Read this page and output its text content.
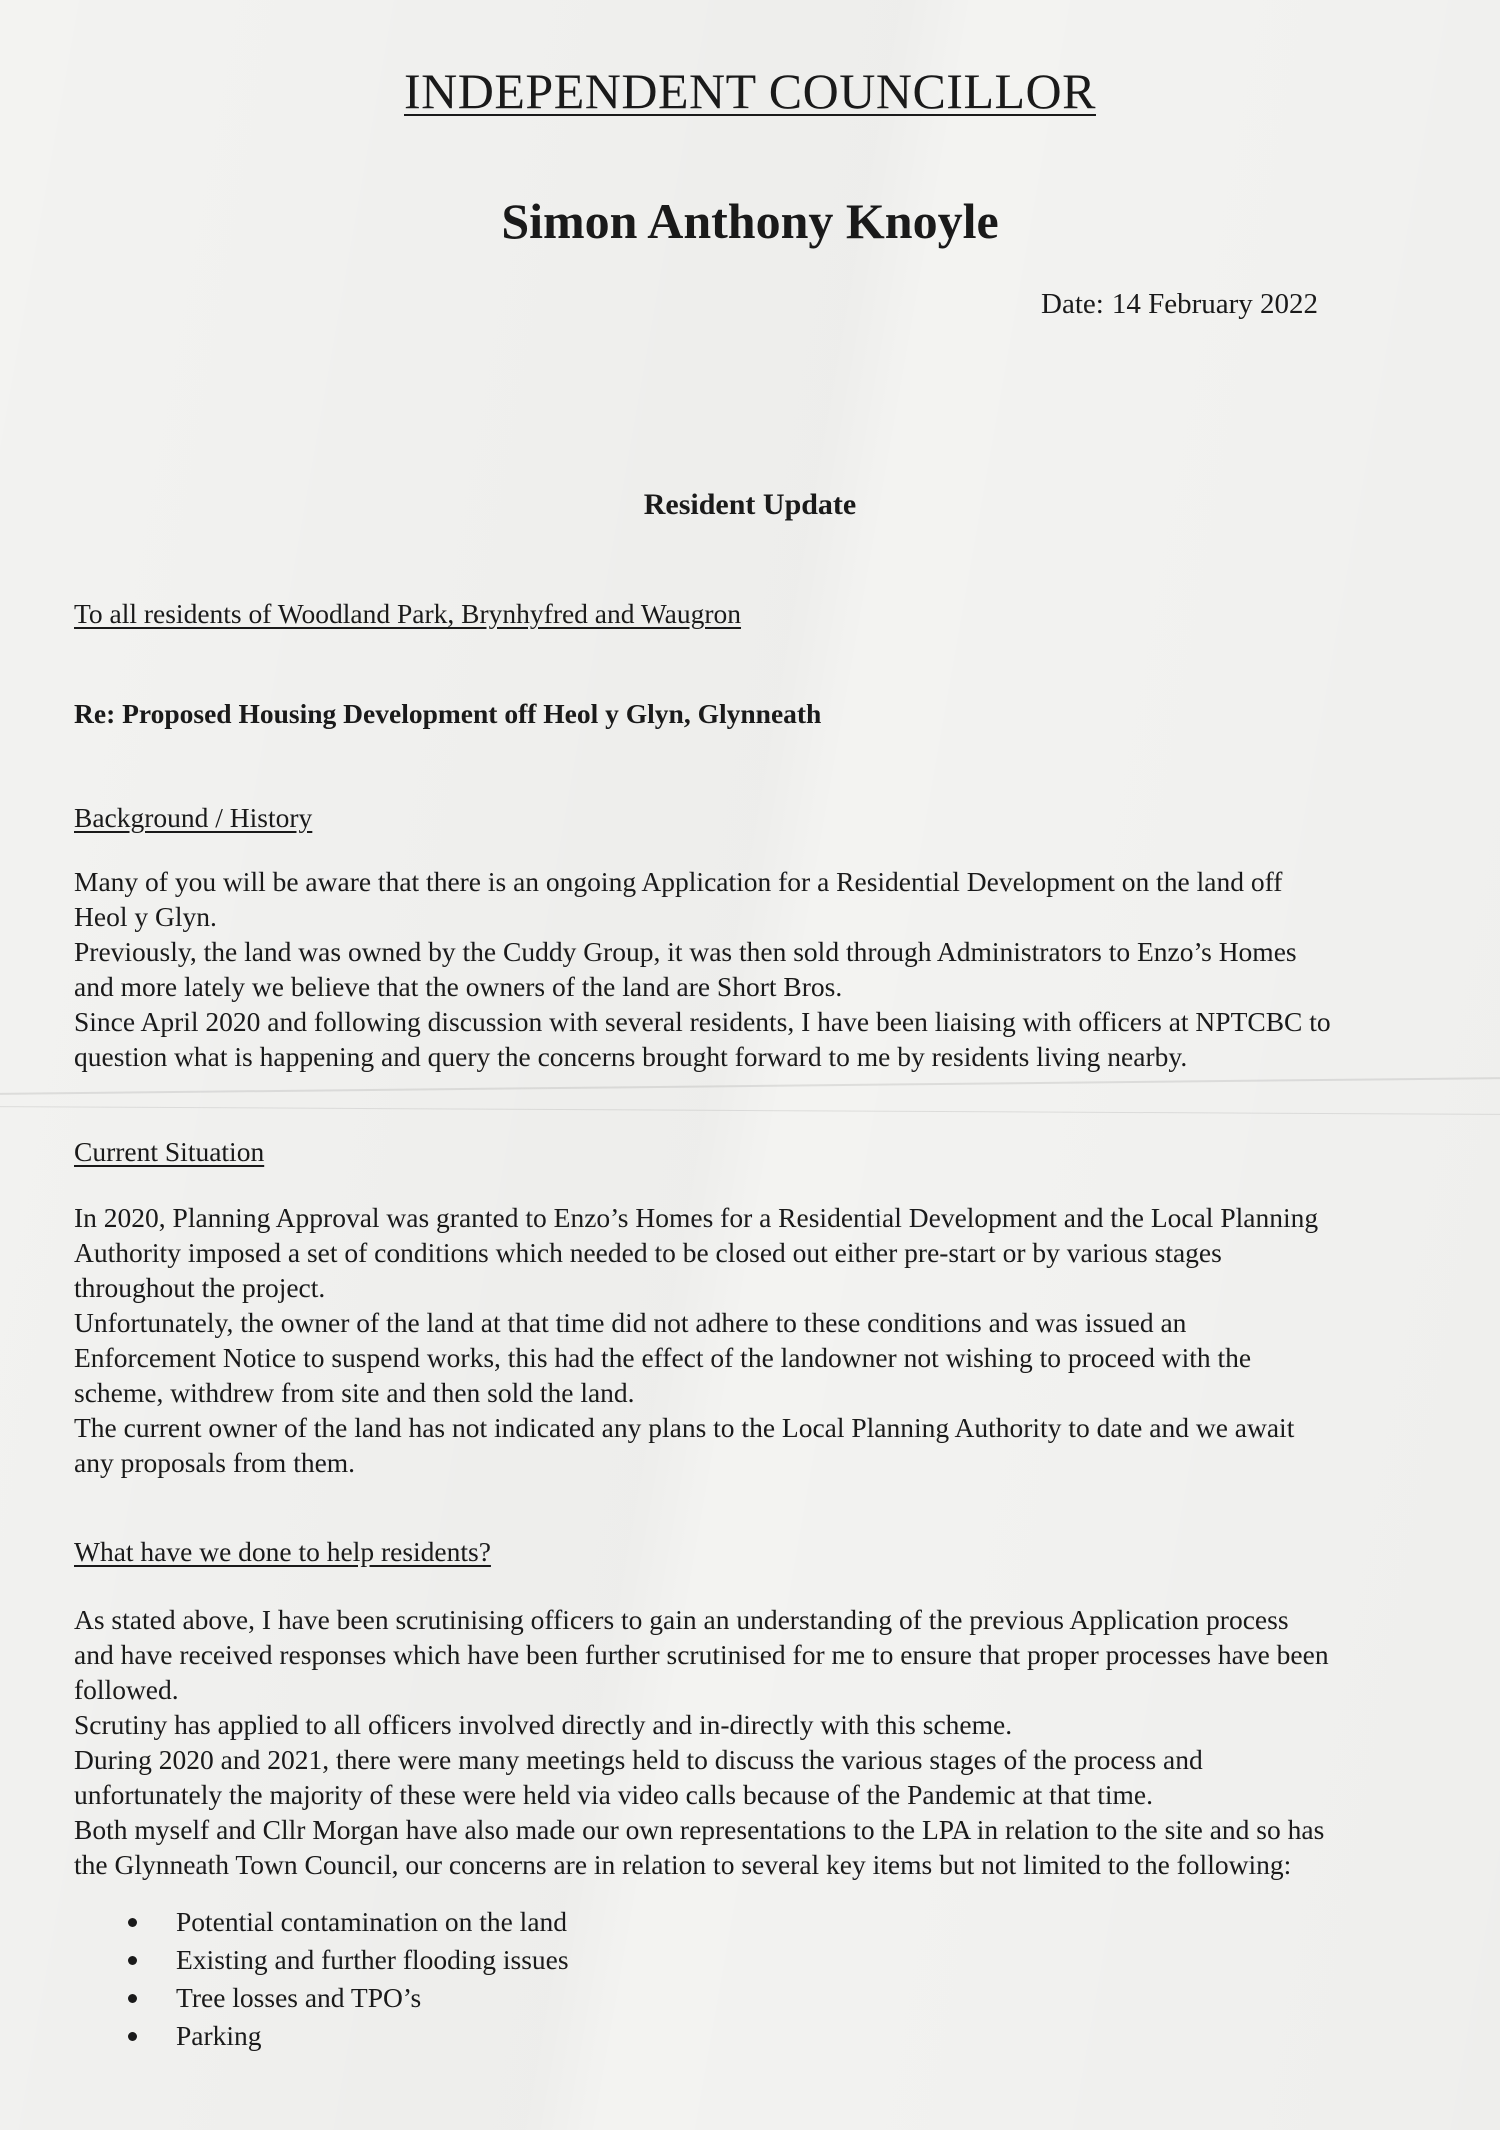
INDEPENDENT COUNCILLOR
Simon Anthony Knoyle
Date: 14 February 2022
Resident Update
To all residents of Woodland Park, Brynhyfred and Waugron
Re: Proposed Housing Development off Heol y Glyn, Glynneath
Background / History

Many of you will be aware that there is an ongoing Application for a Residential Development on the land off

Heol y Glyn.

Previously, the land was owned by the Cuddy Group, it was then sold through Administrators to Enzo’s Homes

and more lately we believe that the owners of the land are Short Bros.

Since April 2020 and following discussion with several residents, I have been liaising with officers at NPTCBC to

question what is happening and query the concerns brought forward to me by residents living nearby.

Current Situation

In 2020, Planning Approval was granted to Enzo’s Homes for a Residential Development and the Local Planning

Authority imposed a set of conditions which needed to be closed out either pre-start or by various stages

throughout the project.

Unfortunately, the owner of the land at that time did not adhere to these conditions and was issued an

Enforcement Notice to suspend works, this had the effect of the landowner not wishing to proceed with the

scheme, withdrew from site and then sold the land.

The current owner of the land has not indicated any plans to the Local Planning Authority to date and we await

any proposals from them.

What have we done to help residents?

As stated above, I have been scrutinising officers to gain an understanding of the previous Application process

and have received responses which have been further scrutinised for me to ensure that proper processes have been

followed.

Scrutiny has applied to all officers involved directly and in-directly with this scheme.

During 2020 and 2021, there were many meetings held to discuss the various stages of the process and

unfortunately the majority of these were held via video calls because of the Pandemic at that time.

Both myself and Cllr Morgan have also made our own representations to the LPA in relation to the site and so has

the Glynneath Town Council, our concerns are in relation to several key items but not limited to the following:

Potential contamination on the land
Existing and further flooding issues
Tree losses and TPO’s
Parking
